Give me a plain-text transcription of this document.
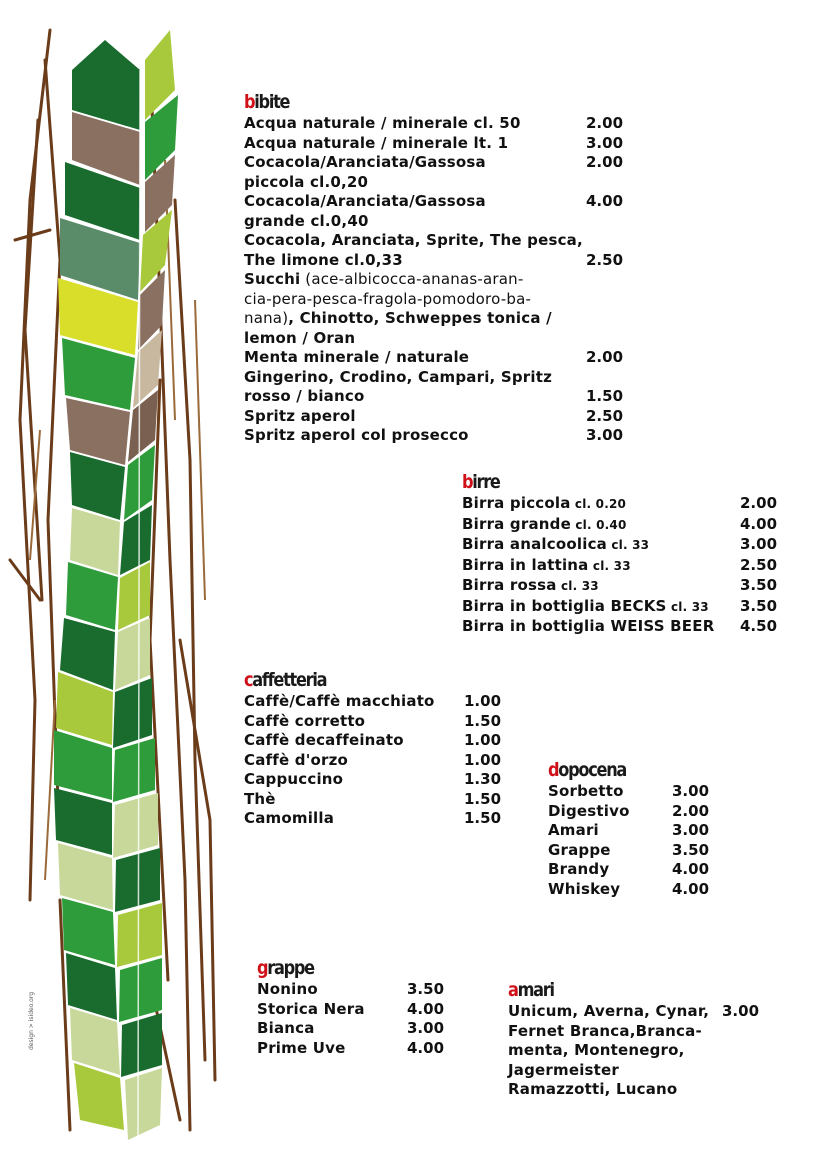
design > isideo.org
bibite
Acqua naturale / minerale cl. 50	2.00
Acqua naturale / minerale lt. 1	3.00
Cocacola/Aranciata/Gassosa	2.00
piccola cl.0,20
Cocacola/Aranciata/Gassosa	4.00
grande cl.0,40
Cocacola, Aranciata, Sprite, The pesca,
The limone cl.0,33	2.50
Succhi (ace-albicocca-ananas-aran-
cia-pera-pesca-fragola-pomodoro-ba-
nana), Chinotto, Schweppes tonica /
lemon / Oran
Menta minerale / naturale	2.00
Gingerino, Crodino, Campari, Spritz
rosso / bianco	1.50
Spritz aperol	2.50
Spritz aperol col prosecco	3.00
birre
Birra piccola cl. 0.20	2.00
Birra grande cl. 0.40	4.00
Birra analcoolica cl. 33	3.00
Birra in lattina cl. 33	2.50
Birra rossa cl. 33	3.50
Birra in bottiglia BECKS cl. 33	3.50
Birra in bottiglia WEISS BEER	4.50
caffetteria
Caffè/Caffè macchiato	1.00
Caffè corretto	1.50
Caffè decaffeinato	1.00
Caffè d'orzo	1.00
Cappuccino	1.30
Thè	1.50
Camomilla	1.50
dopocena
Sorbetto	3.00
Digestivo	2.00
Amari	3.00
Grappe	3.50
Brandy	4.00
Whiskey	4.00
grappe
Nonino	3.50
Storica Nera	4.00
Bianca	3.00
Prime Uve	4.00
amari
Unicum, Averna, Cynar, 3.00
Fernet Branca,Branca-
menta, Montenegro,
Jagermeister
Ramazzotti, Lucano
